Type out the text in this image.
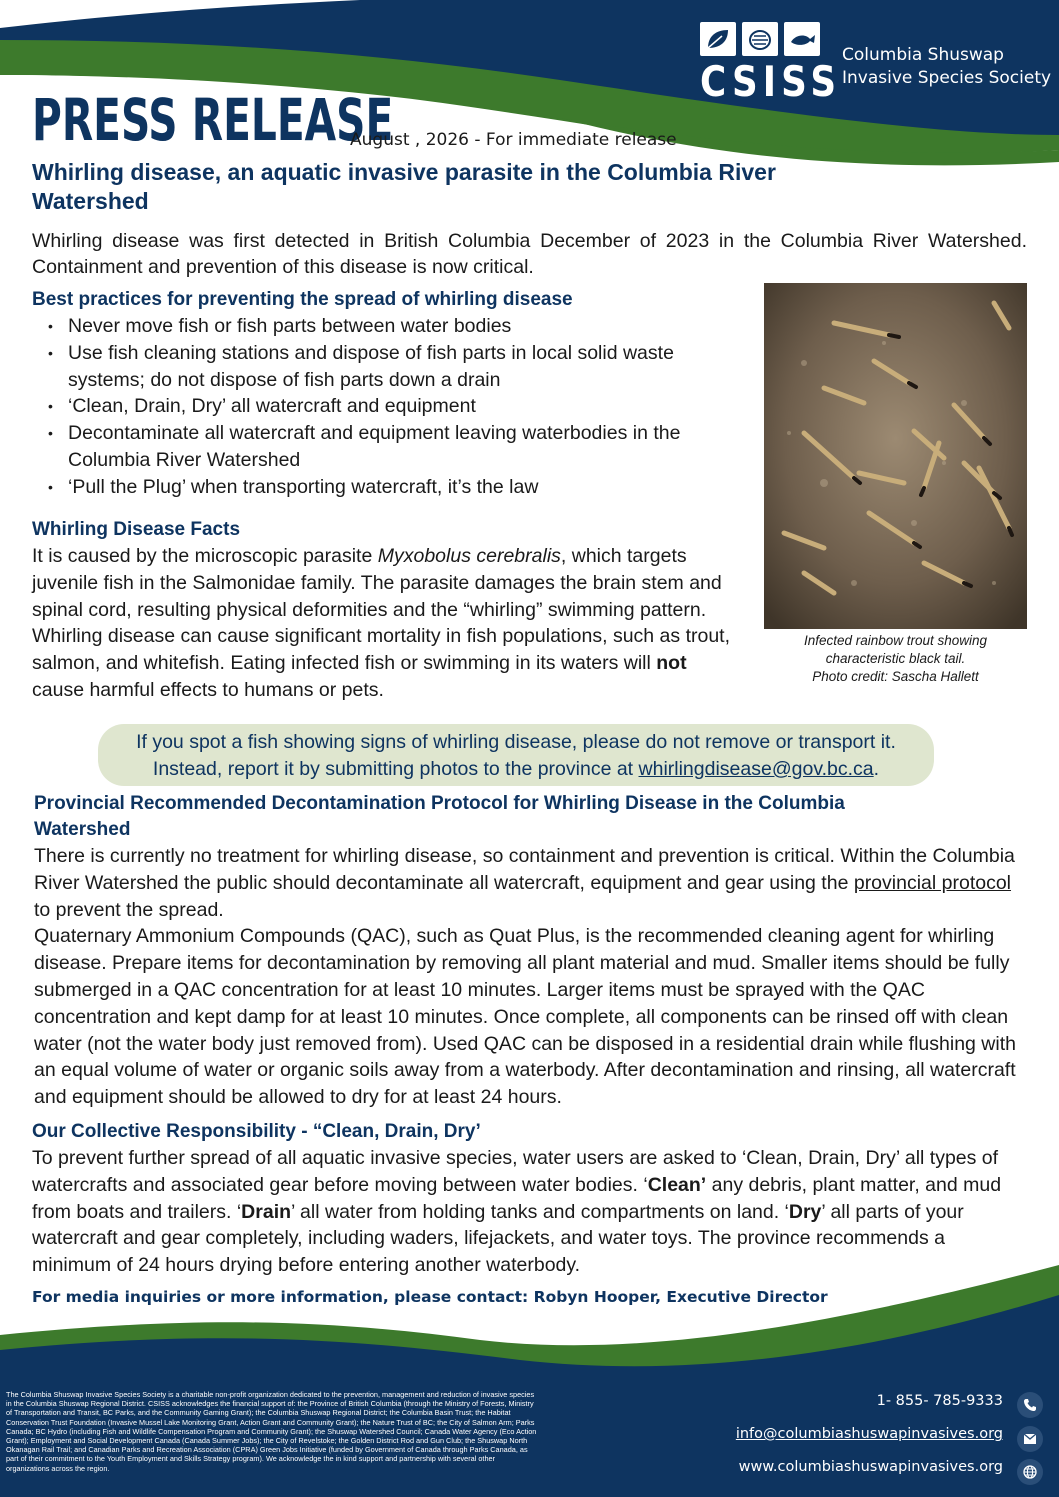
PRESS RELEASE
August , 2026 - For immediate release
CSISS
Columbia Shuswap
Invasive Species Society
Whirling disease, an aquatic invasive parasite in the Columbia River Watershed
Whirling disease was first detected in British Columbia December of 2023 in the Columbia River Watershed. Containment and prevention of this disease is now critical.
Best practices for preventing the spread of whirling disease
• Never move fish or fish parts between water bodies
• Use fish cleaning stations and dispose of fish parts in local solid waste systems; do not dispose of fish parts down a drain
• ‘Clean, Drain, Dry’ all watercraft and equipment
• Decontaminate all watercraft and equipment leaving waterbodies in the Columbia River Watershed
• ‘Pull the Plug’ when transporting watercraft, it’s the law
Whirling Disease Facts
It is caused by the microscopic parasite Myxobolus cerebralis, which targets juvenile fish in the Salmonidae family. The parasite damages the brain stem and spinal cord, resulting physical deformities and the “whirling” swimming pattern. Whirling disease can cause significant mortality in fish populations, such as trout, salmon, and whitefish. Eating infected fish or swimming in its waters will not cause harmful effects to humans or pets.
Infected rainbow trout showing
characteristic black tail.
Photo credit: Sascha Hallett
If you spot a fish showing signs of whirling disease, please do not remove or transport it.
Instead, report it by submitting photos to the province at whirlingdisease@gov.bc.ca.
Provincial Recommended Decontamination Protocol for Whirling Disease in the Columbia Watershed
There is currently no treatment for whirling disease, so containment and prevention is critical. Within the Columbia River Watershed the public should decontaminate all watercraft, equipment and gear using the provincial protocol to prevent the spread.
Quaternary Ammonium Compounds (QAC), such as Quat Plus, is the recommended cleaning agent for whirling disease. Prepare items for decontamination by removing all plant material and mud. Smaller items should be fully submerged in a QAC concentration for at least 10 minutes. Larger items must be sprayed with the QAC concentration and kept damp for at least 10 minutes. Once complete, all components can be rinsed off with clean water (not the water body just removed from). Used QAC can be disposed in a residential drain while flushing with an equal volume of water or organic soils away from a waterbody. After decontamination and rinsing, all watercraft and equipment should be allowed to dry for at least 24 hours.
Our Collective Responsibility - “Clean, Drain, Dry’
To prevent further spread of all aquatic invasive species, water users are asked to ‘Clean, Drain, Dry’ all types of watercrafts and associated gear before moving between water bodies. ‘Clean’ any debris, plant matter, and mud from boats and trailers. ‘Drain’ all water from holding tanks and compartments on land. ‘Dry’ all parts of your watercraft and gear completely, including waders, lifejackets, and water toys. The province recommends a minimum of 24 hours drying before entering another waterbody.
For media inquiries or more information, please contact: Robyn Hooper, Executive Director
The Columbia Shuswap Invasive Species Society is a charitable non-profit organization dedicated to the prevention, management and reduction of invasive species in the Columbia Shuswap Regional District. CSISS acknowledges the financial support of: the Province of British Columbia (through the Ministry of Forests, Ministry of Transportation and Transit, BC Parks, and the Community Gaming Grant); the Columbia Shuswap Regional District; the Columbia Basin Trust; the Habitat Conservation Trust Foundation (Invasive Mussel Lake Monitoring Grant, Action Grant and Community Grant); the Nature Trust of BC; the City of Salmon Arm; Parks Canada; BC Hydro (including Fish and Wildlife Compensation Program and Community Grant); the Shuswap Watershed Council; Canada Water Agency (Eco Action Grant); Employment and Social Development Canada (Canada Summer Jobs); the City of Revelstoke; the Golden District Rod and Gun Club; the Shuswap North Okanagan Rail Trail; and Canadian Parks and Recreation Association (CPRA) Green Jobs Initiative (funded by Government of Canada through Parks Canada, as part of their commitment to the Youth Employment and Skills Strategy program). We acknowledge the in kind support and partnership with several other organizations across the region.
1- 855- 785-9333
info@columbiashuswapinvasives.org
www.columbiashuswapinvasives.org
